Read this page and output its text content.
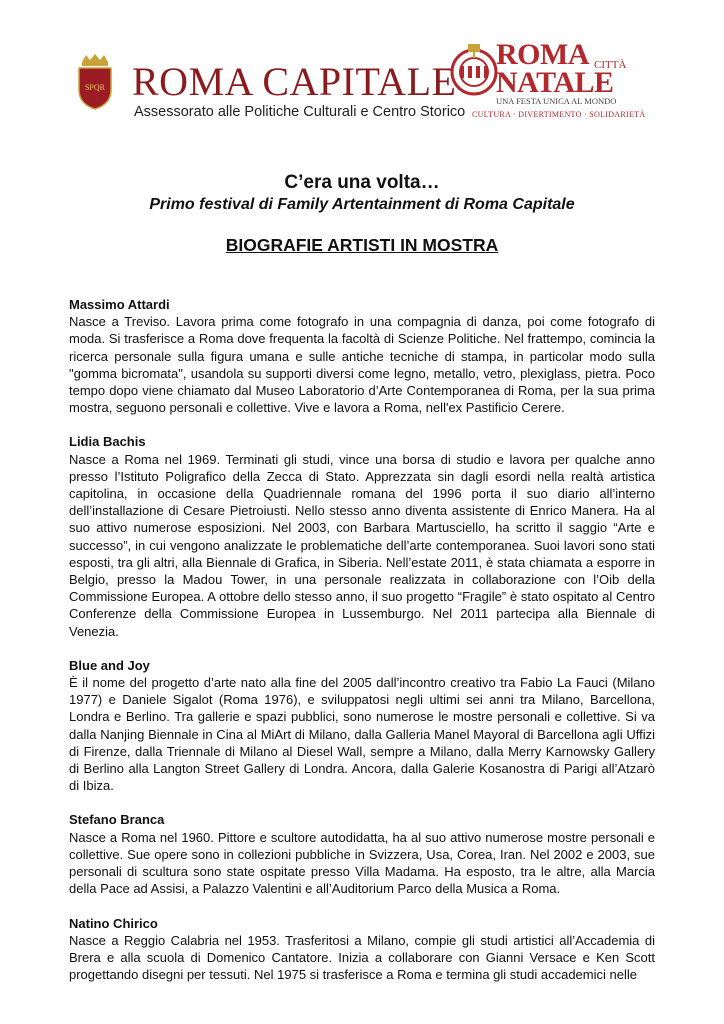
SPQR ROMA CAPITALE
Assessorato alle Politiche Culturali e Centro Storico
ROMA CITTÀ
NATALE
UNA FESTA UNICA AL MONDO
CULTURA · DIVERTIMENTO · SOLIDARIETÀ
C’era una volta…
Primo festival di Family Artentainment di Roma Capitale
BIOGRAFIE ARTISTI IN MOSTRA

Massimo Attardi

Nasce a Treviso. Lavora prima come fotografo in una compagnia di danza, poi come fotografo di moda. Si trasferisce a Roma dove frequenta la facoltà di Scienze Politiche. Nel frattempo, comincia la ricerca personale sulla figura umana e sulle antiche tecniche di stampa, in particolar modo sulla "gomma bicromata", usandola su supporti diversi come legno, metallo, vetro, plexiglass, pietra. Poco tempo dopo viene chiamato dal Museo Laboratorio d’Arte Contemporanea di Roma, per la sua prima mostra, seguono personali e collettive. Vive e lavora a Roma, nell'ex Pastificio Cerere.

Lidia Bachis

Nasce a Roma nel 1969. Terminati gli studi, vince una borsa di studio e lavora per qualche anno presso l’Istituto Poligrafico della Zecca di Stato. Apprezzata sin dagli esordi nella realtà artistica capitolina, in occasione della Quadriennale romana del 1996 porta il suo diario all’interno dell’installazione di Cesare Pietroiusti. Nello stesso anno diventa assistente di Enrico Manera. Ha al suo attivo numerose esposizioni. Nel 2003, con Barbara Martusciello, ha scritto il saggio “Arte e successo”, in cui vengono analizzate le problematiche dell’arte contemporanea. Suoi lavori sono stati esposti, tra gli altri, alla Biennale di Grafica, in Siberia. Nell’estate 2011, è stata chiamata a esporre in Belgio, presso la Madou Tower, in una personale realizzata in collaborazione con l’Oib della Commissione Europea. A ottobre dello stesso anno, il suo progetto “Fragile” è stato ospitato al Centro Conferenze della Commissione Europea in Lussemburgo. Nel 2011 partecipa alla Biennale di Venezia.

Blue and Joy

È il nome del progetto d’arte nato alla fine del 2005 dall’incontro creativo tra Fabio La Fauci (Milano 1977) e Daniele Sigalot (Roma 1976), e sviluppatosi negli ultimi sei anni tra Milano, Barcellona, Londra e Berlino. Tra gallerie e spazi pubblici, sono numerose le mostre personali e collettive. Si va dalla Nanjing Biennale in Cina al MiArt di Milano, dalla Galleria Manel Mayoral di Barcellona agli Uffizi di Firenze, dalla Triennale di Milano al Diesel Wall, sempre a Milano, dalla Merry Karnowsky Gallery di Berlino alla Langton Street Gallery di Londra. Ancora, dalla Galerie Kosanostra di Parigi all’Atzarò di Ibiza.

Stefano Branca

Nasce a Roma nel 1960. Pittore e scultore autodidatta, ha al suo attivo numerose mostre personali e collettive. Sue opere sono in collezioni pubbliche in Svizzera, Usa, Corea, Iran. Nel 2002 e 2003, sue personali di scultura sono state ospitate presso Villa Madama. Ha esposto, tra le altre, alla Marcia della Pace ad Assisi, a Palazzo Valentini e all’Auditorium Parco della Musica a Roma.

Natino Chirico

Nasce a Reggio Calabria nel 1953. Trasferitosi a Milano, compie gli studi artistici all’Accademia di Brera e alla scuola di Domenico Cantatore. Inizia a collaborare con Gianni Versace e Ken Scott progettando disegni per tessuti. Nel 1975 si trasferisce a Roma e termina gli studi accademici nelle
